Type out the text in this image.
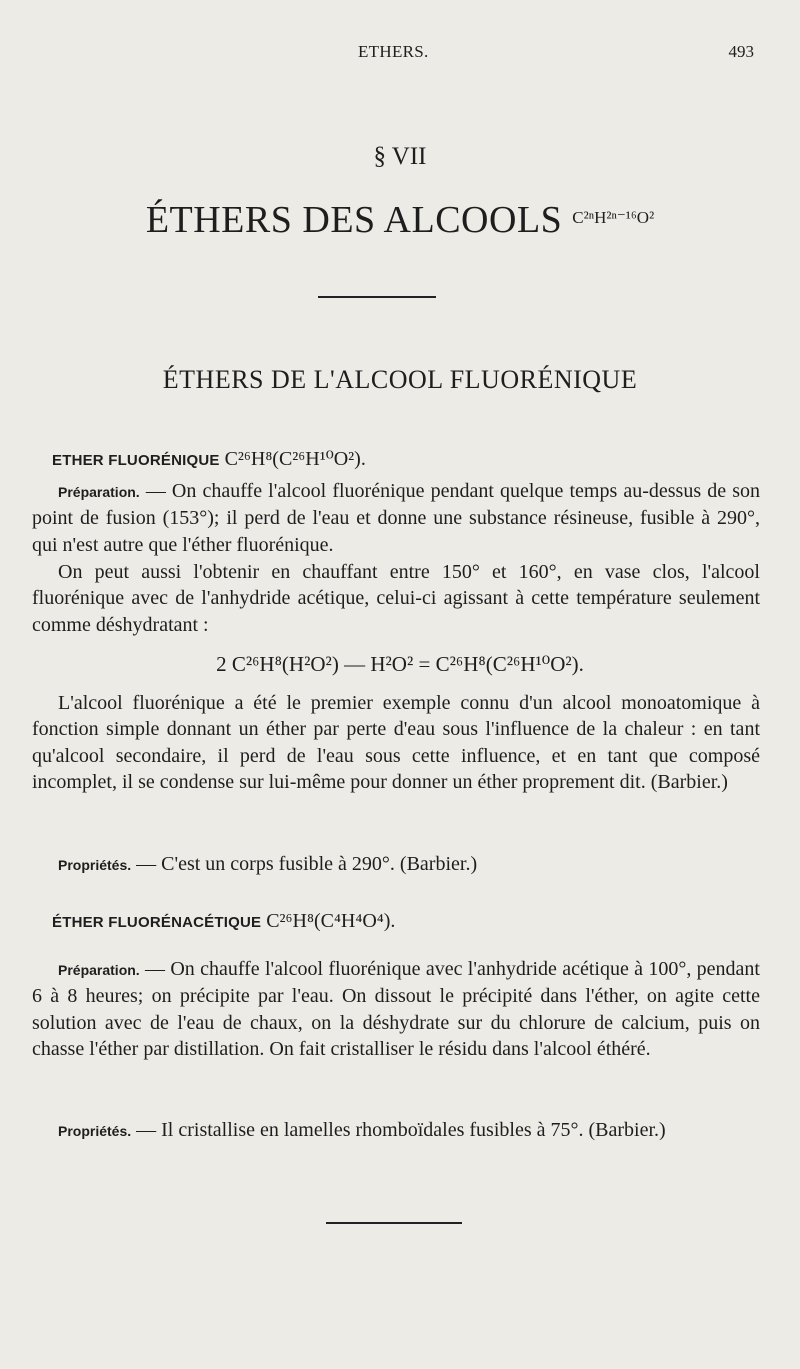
ETHERS.	493
§ VII
ÉTHERS DES ALCOOLS $^{C^{2n}H^{2n-16}O^2}$
ÉTHERS DE L'ALCOOL FLUORÉNIQUE
ETHER FLUORÉNIQUE C²⁶H⁸(C²⁶H¹⁰O²).
Préparation. — On chauffe l'alcool fluorénique pendant quelque temps au-dessus de son point de fusion (153°); il perd de l'eau et donne une substance résineuse, fusible à 290°, qui n'est autre que l'éther fluorénique.
On peut aussi l'obtenir en chauffant entre 150° et 160°, en vase clos, l'alcool fluorénique avec de l'anhydride acétique, celui-ci agissant à cette température seulement comme déshydratant :
2 C²⁶H⁸(H²O²) — H²O² = C²⁶H⁸(C²⁶H¹⁰O²).
L'alcool fluorénique a été le premier exemple connu d'un alcool monoatomique à fonction simple donnant un éther par perte d'eau sous l'influence de la chaleur : en tant qu'alcool secondaire, il perd de l'eau sous cette influence, et en tant que composé incomplet, il se condense sur lui-même pour donner un éther proprement dit. (Barbier.)
Propriétés. — C'est un corps fusible à 290°. (Barbier.)
ÉTHER FLUORÉNACÉTIQUE C²⁶H⁸(C⁴H⁴O⁴).
Préparation. — On chauffe l'alcool fluorénique avec l'anhydride acétique à 100°, pendant 6 à 8 heures; on précipite par l'eau. On dissout le précipité dans l'éther, on agite cette solution avec de l'eau de chaux, on la déshydrate sur du chlorure de calcium, puis on chasse l'éther par distillation. On fait cristalliser le résidu dans l'alcool éthéré.
Propriétés. — Il cristallise en lamelles rhomboïdales fusibles à 75°. (Barbier.)
